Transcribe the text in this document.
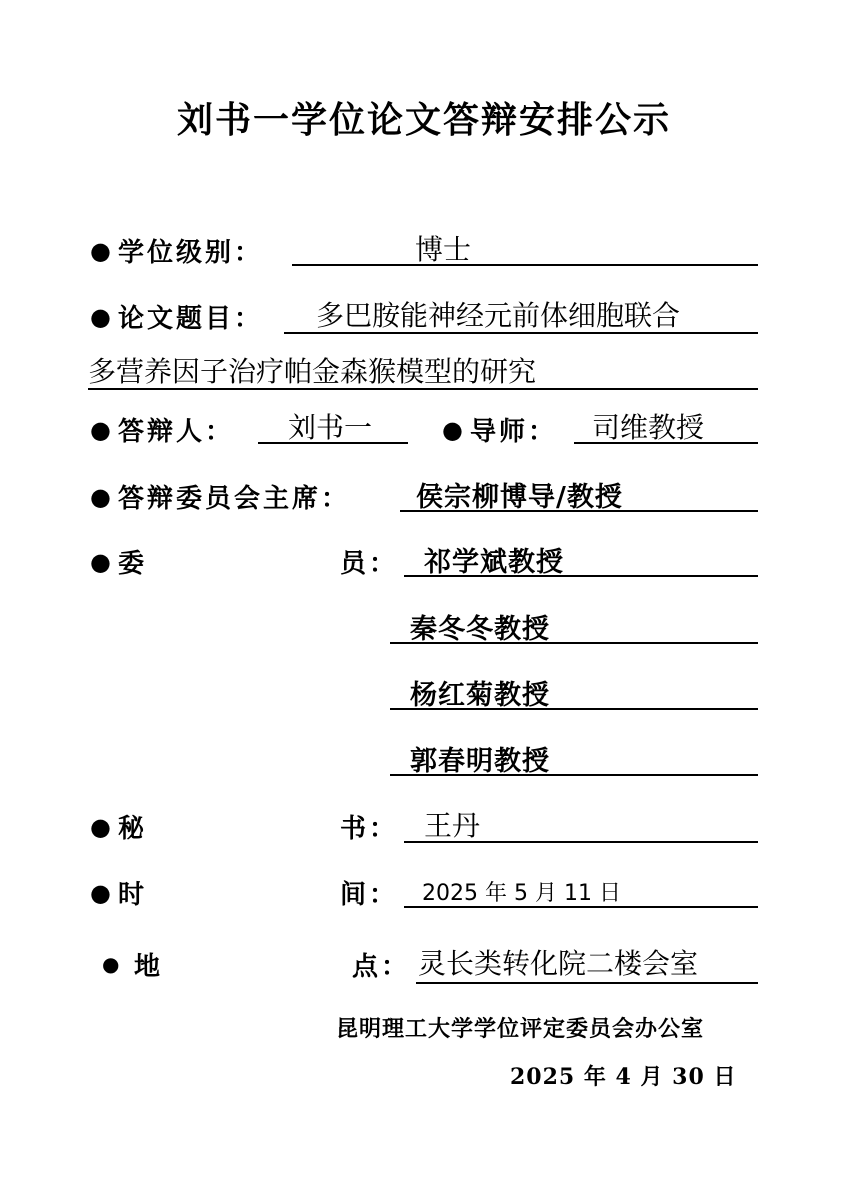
刘书一学位论文答辩安排公示
● 学位级别：	博士
● 论文题目： 多巴胺能神经元前体细胞联合
多营养因子治疗帕金森猴模型的研究
● 答辩人： 刘书一	● 导师： 司维教授
● 答辩委员会主席： 侯宗柳博导/教授
● 委	员： 祁学斌教授
秦冬冬教授
杨红菊教授
郭春明教授
● 秘	书： 王丹
● 时	间： 2025 年 5 月 11 日
● 地	点： 灵长类转化院二楼会室
昆明理工大学学位评定委员会办公室
2025 年 4 月 30 日
